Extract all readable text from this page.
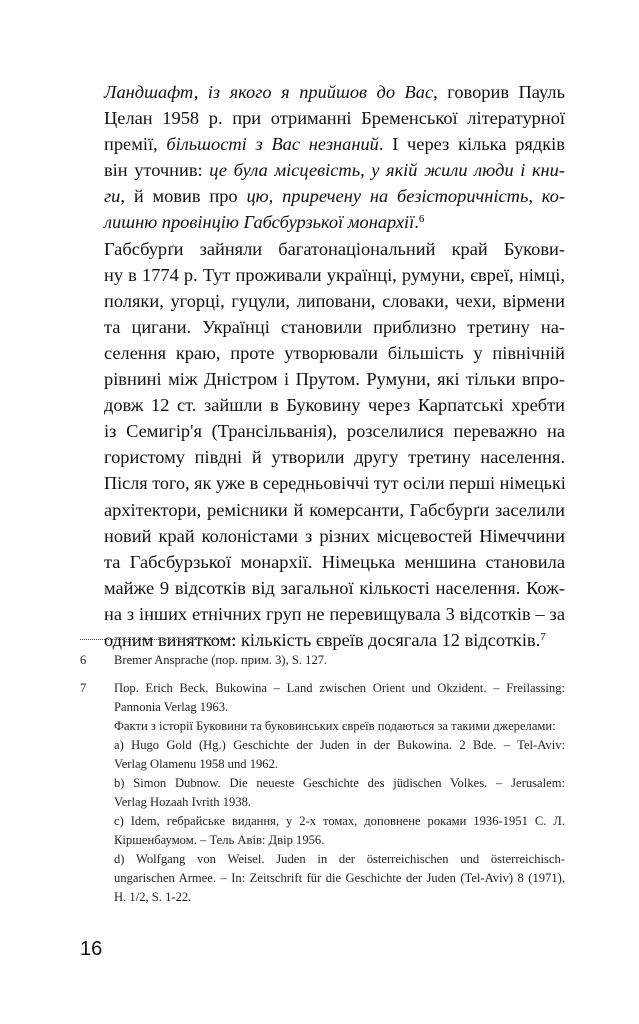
Ландшафт, із якого я прийшов до Вас, говорив Пауль
Целан 1958 р. при отриманні Бременської літературної
премії, більшості з Вас незнаний. І через кілька рядків
він уточнив: це була місцевість, у якій жили люди і кни-
ги, й мовив про цю, приречену на безісторичність, ко-
лишню провінцію Габсбурзької монархії.$^6$

Габсбурґи зайняли багатонаціональний край Букови-
ну в 1774 р. Тут проживали українці, румуни, євреї, німці,
поляки, угорці, гуцули, липовани, словаки, чехи, вірмени
та цигани. Українці становили приблизно третину на-
селення краю, проте утворювали більшість у північній
рівнині між Дністром і Прутом. Румуни, які тільки впро-
довж 12 ст. зайшли в Буковину через Карпатські хребти
із Семигір'я (Трансільванія), розселилися переважно на
гористому півдні й утворили другу третину населення.
Після того, як уже в середньовіччі тут осіли перші німецькі
архітектори, ремісники й комерсанти, Габсбурґи заселили
новий край колоністами з різних місцевостей Німеччини
та Габсбурзької монархії. Німецька меншина становила
майже 9 відсотків від загальної кількості населення. Кож-
на з інших етнічних груп не перевищувала 3 відсотків – за
одним винятком: кількість євреїв досягала 12 відсотків.$^7$

6 Bremer Ansprache (пор. прим. 3), S. 127.
7 Пор. Erich Beck. Bukowina – Land zwischen Orient und Okzident. – Freilassing:
Pannonia Verlag 1963.
Факти з історії Буковини та буковинських євреїв подаються за такими джерелами:
a) Hugo Gold (Hg.) Geschichte der Juden in der Bukowina. 2 Bde. – Tel-Aviv:
Verlag Olamenu 1958 und 1962.
b) Simon Dubnow. Die neueste Geschichte des jüdischen Volkes. – Jerusalem:
Verlag Hozaah Ivrith 1938.
c) Idem, гебрайське видання, у 2-х томах, доповнене роками 1936-1951 С. Л.
Кіршенбаумом. – Тель Авів: Двір 1956.
d) Wolfgang von Weisel. Juden in der österreichischen und österreichisch-
ungarischen Armee. – In: Zeitschrift für die Geschichte der Juden (Tel-Aviv) 8 (1971),
H. 1/2, S. 1-22.
16
